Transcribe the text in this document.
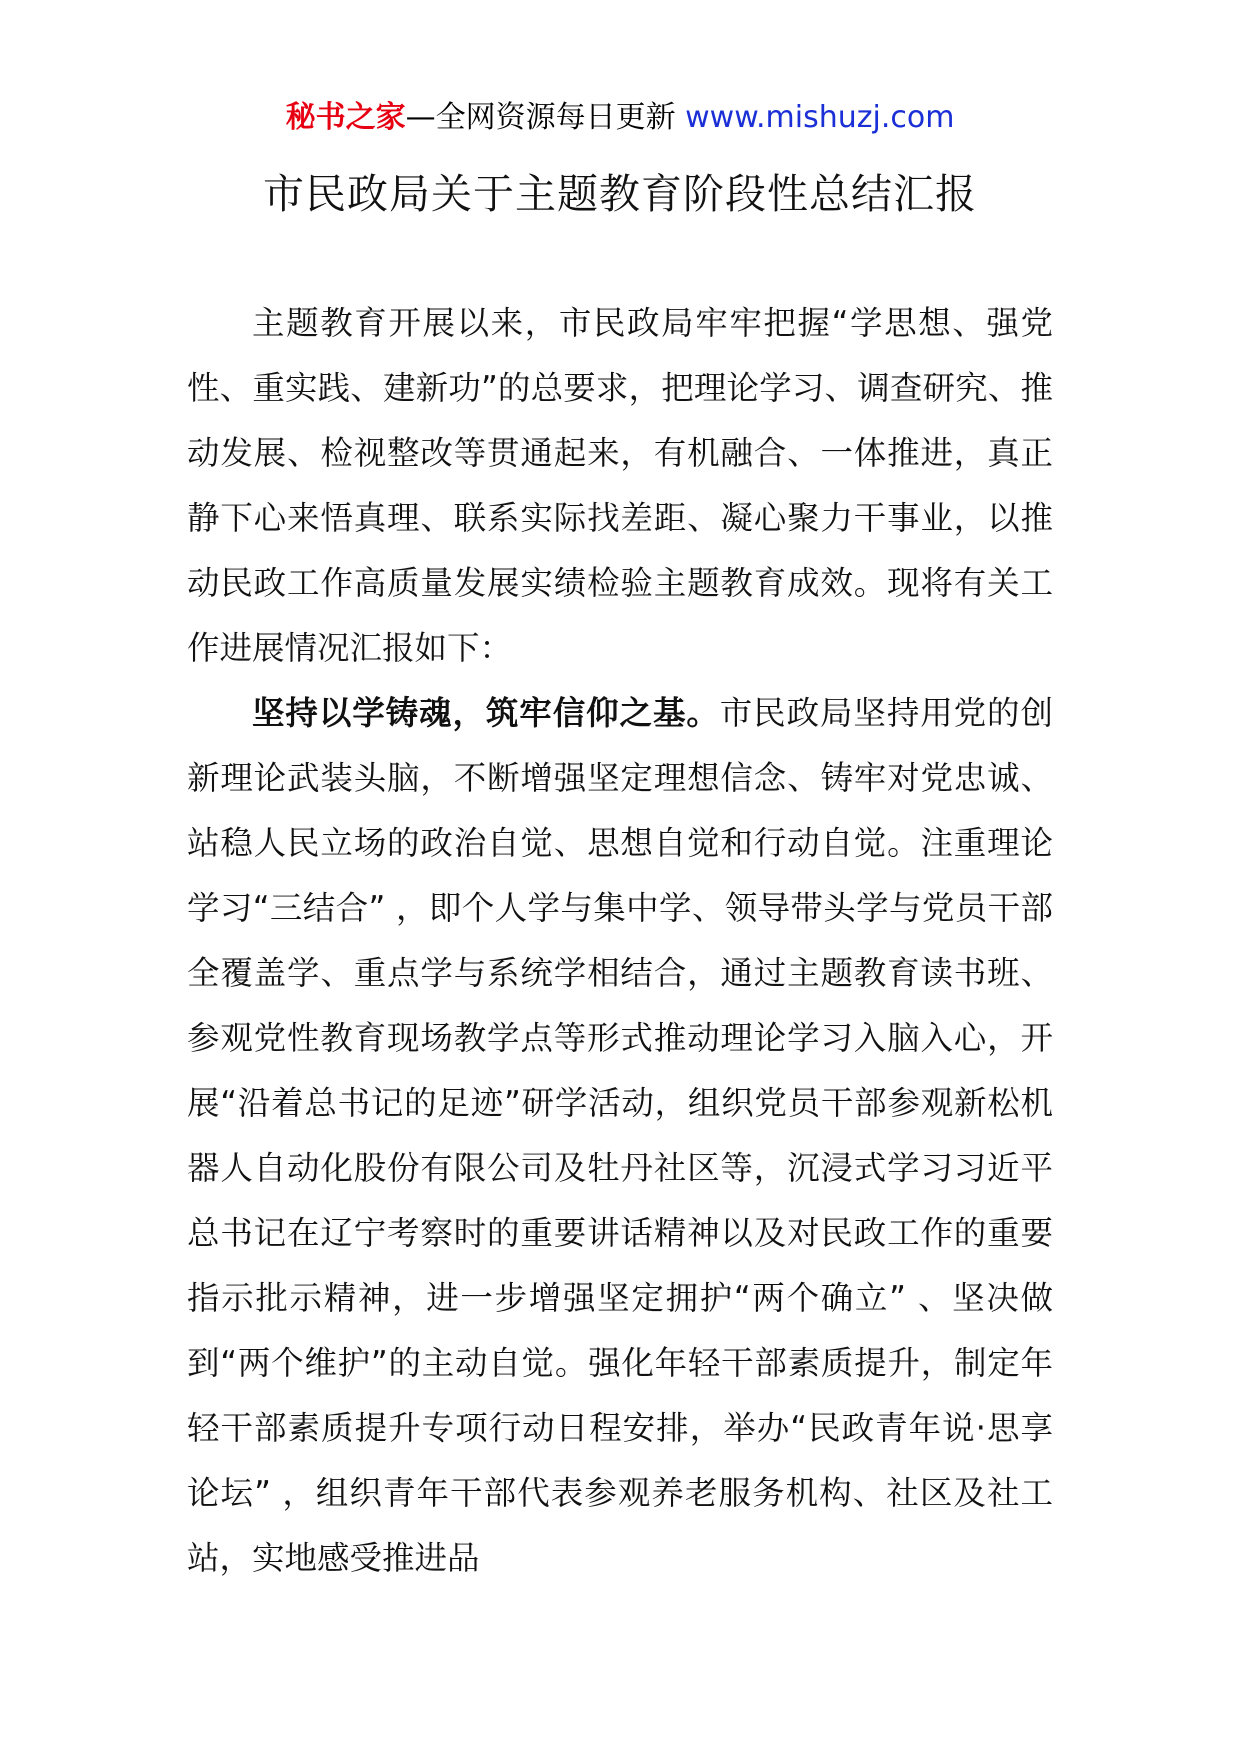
秘书之家—全网资源每日更新 www.mishuzj.com
市民政局关于主题教育阶段性总结汇报

主题教育开展以来，市民政局牢牢把握“学思想、强党性、重实践、建新功”的总要求，把理论学习、调查研究、推动发展、检视整改等贯通起来，有机融合、一体推进，真正静下心来悟真理、联系实际找差距、凝心聚力干事业，以推动民政工作高质量发展实绩检验主题教育成效。现将有关工作进展情况汇报如下：

坚持以学铸魂，筑牢信仰之基。市民政局坚持用党的创新理论武装头脑，不断增强坚定理想信念、铸牢对党忠诚、站稳人民立场的政治自觉、思想自觉和行动自觉。注重理论学习“三结合” ，即个人学与集中学、领导带头学与党员干部全覆盖学、重点学与系统学相结合，通过主题教育读书班、参观党性教育现场教学点等形式推动理论学习入脑入心，开展“沿着总书记的足迹”研学活动，组织党员干部参观新松机器人自动化股份有限公司及牡丹社区等，沉浸式学习习近平总书记在辽宁考察时的重要讲话精神以及对民政工作的重要指示批示精神，进一步增强坚定拥护“两个确立” 、坚决做到“两个维护”的主动自觉。强化年轻干部素质提升，制定年轻干部素质提升专项行动日程安排，举办“民政青年说·思享论坛” ，组织青年干部代表参观养老服务机构、社区及社工站，实地感受推进品
